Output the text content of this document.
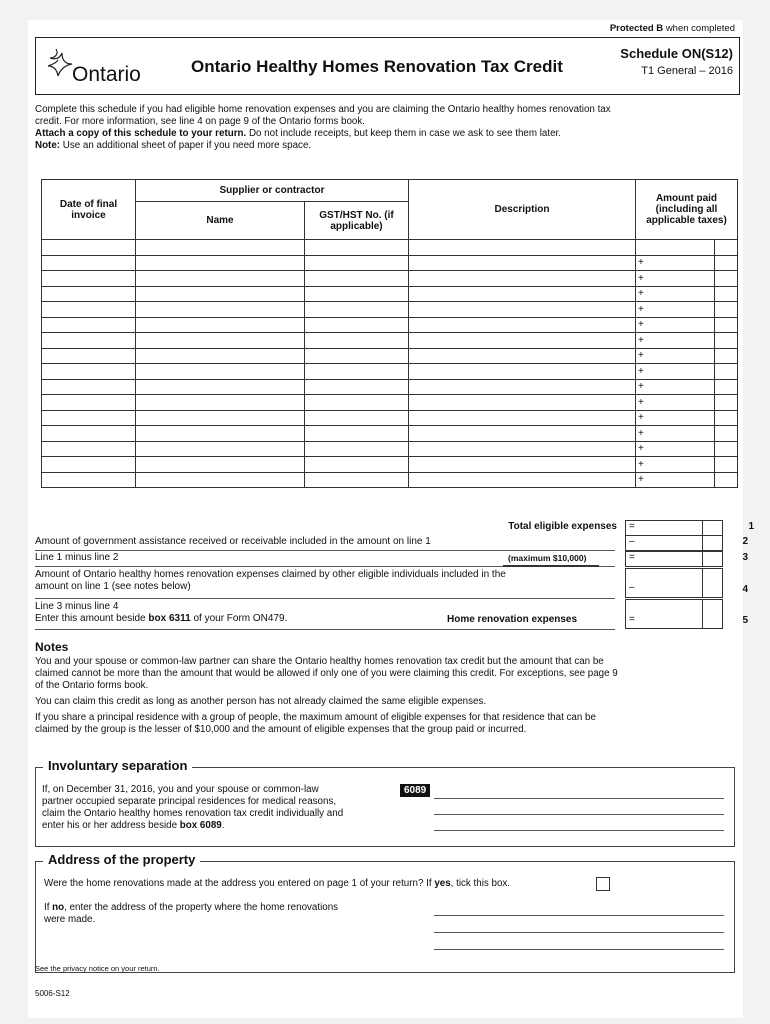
Protected B when completed
Ontario	Ontario Healthy Homes Renovation Tax Credit
Schedule ON(S12)
T1 General – 2016
Complete this schedule if you had eligible home renovation expenses and you are claiming the Ontario healthy homes renovation tax
credit. For more information, see line 4 on page 9 of the Ontario forms book.
Attach a copy of this schedule to your return. Do not include receipts, but keep them in case we ask to see them later.
Note: Use an additional sheet of paper if you need more space.
Date of final invoice	Supplier or contractor		Description	Amount paid (including all applicable taxes)	
	Name	GST/HST No. (if applicable)			

				+	
				+	
				+	
				+	
				+	
				+	
				+	
				+	
				+	
				+	
				+	
				+	
				+	
				+	
				+	
Total eligible expenses =	1
Amount of government assistance received or receivable included in the amount on line 1	–	2
Line 1 minus line 2	(maximum $10,000)	=	3
Amount of Ontario healthy homes renovation expenses claimed by other eligible individuals included in the
amount on line 1 (see notes below)	–	4
Line 3 minus line 4
Enter this amount beside box 6311 of your Form ON479.	Home renovation expenses	=	5
Notes
You and your spouse or common-law partner can share the Ontario healthy homes renovation tax credit but the amount that can be
claimed cannot be more than the amount that would be allowed if only one of you were claiming this credit. For exceptions, see page 9
of the Ontario forms book.
You can claim this credit as long as another person has not already claimed the same eligible expenses.
If you share a principal residence with a group of people, the maximum amount of eligible expenses for that residence that can be
claimed by the group is the lesser of $10,000 and the amount of eligible expenses that the group paid or incurred.
Involuntary separation
If, on December 31, 2016, you and your spouse or common-law
partner occupied separate principal residences for medical reasons,
claim the Ontario healthy homes renovation tax credit individually and
enter his or her address beside box 6089.
6089
Address of the property
Were the home renovations made at the address you entered on page 1 of your return? If yes, tick this box.
If no, enter the address of the property where the home renovations
were made.
See the privacy notice on your return.
5006-S12
